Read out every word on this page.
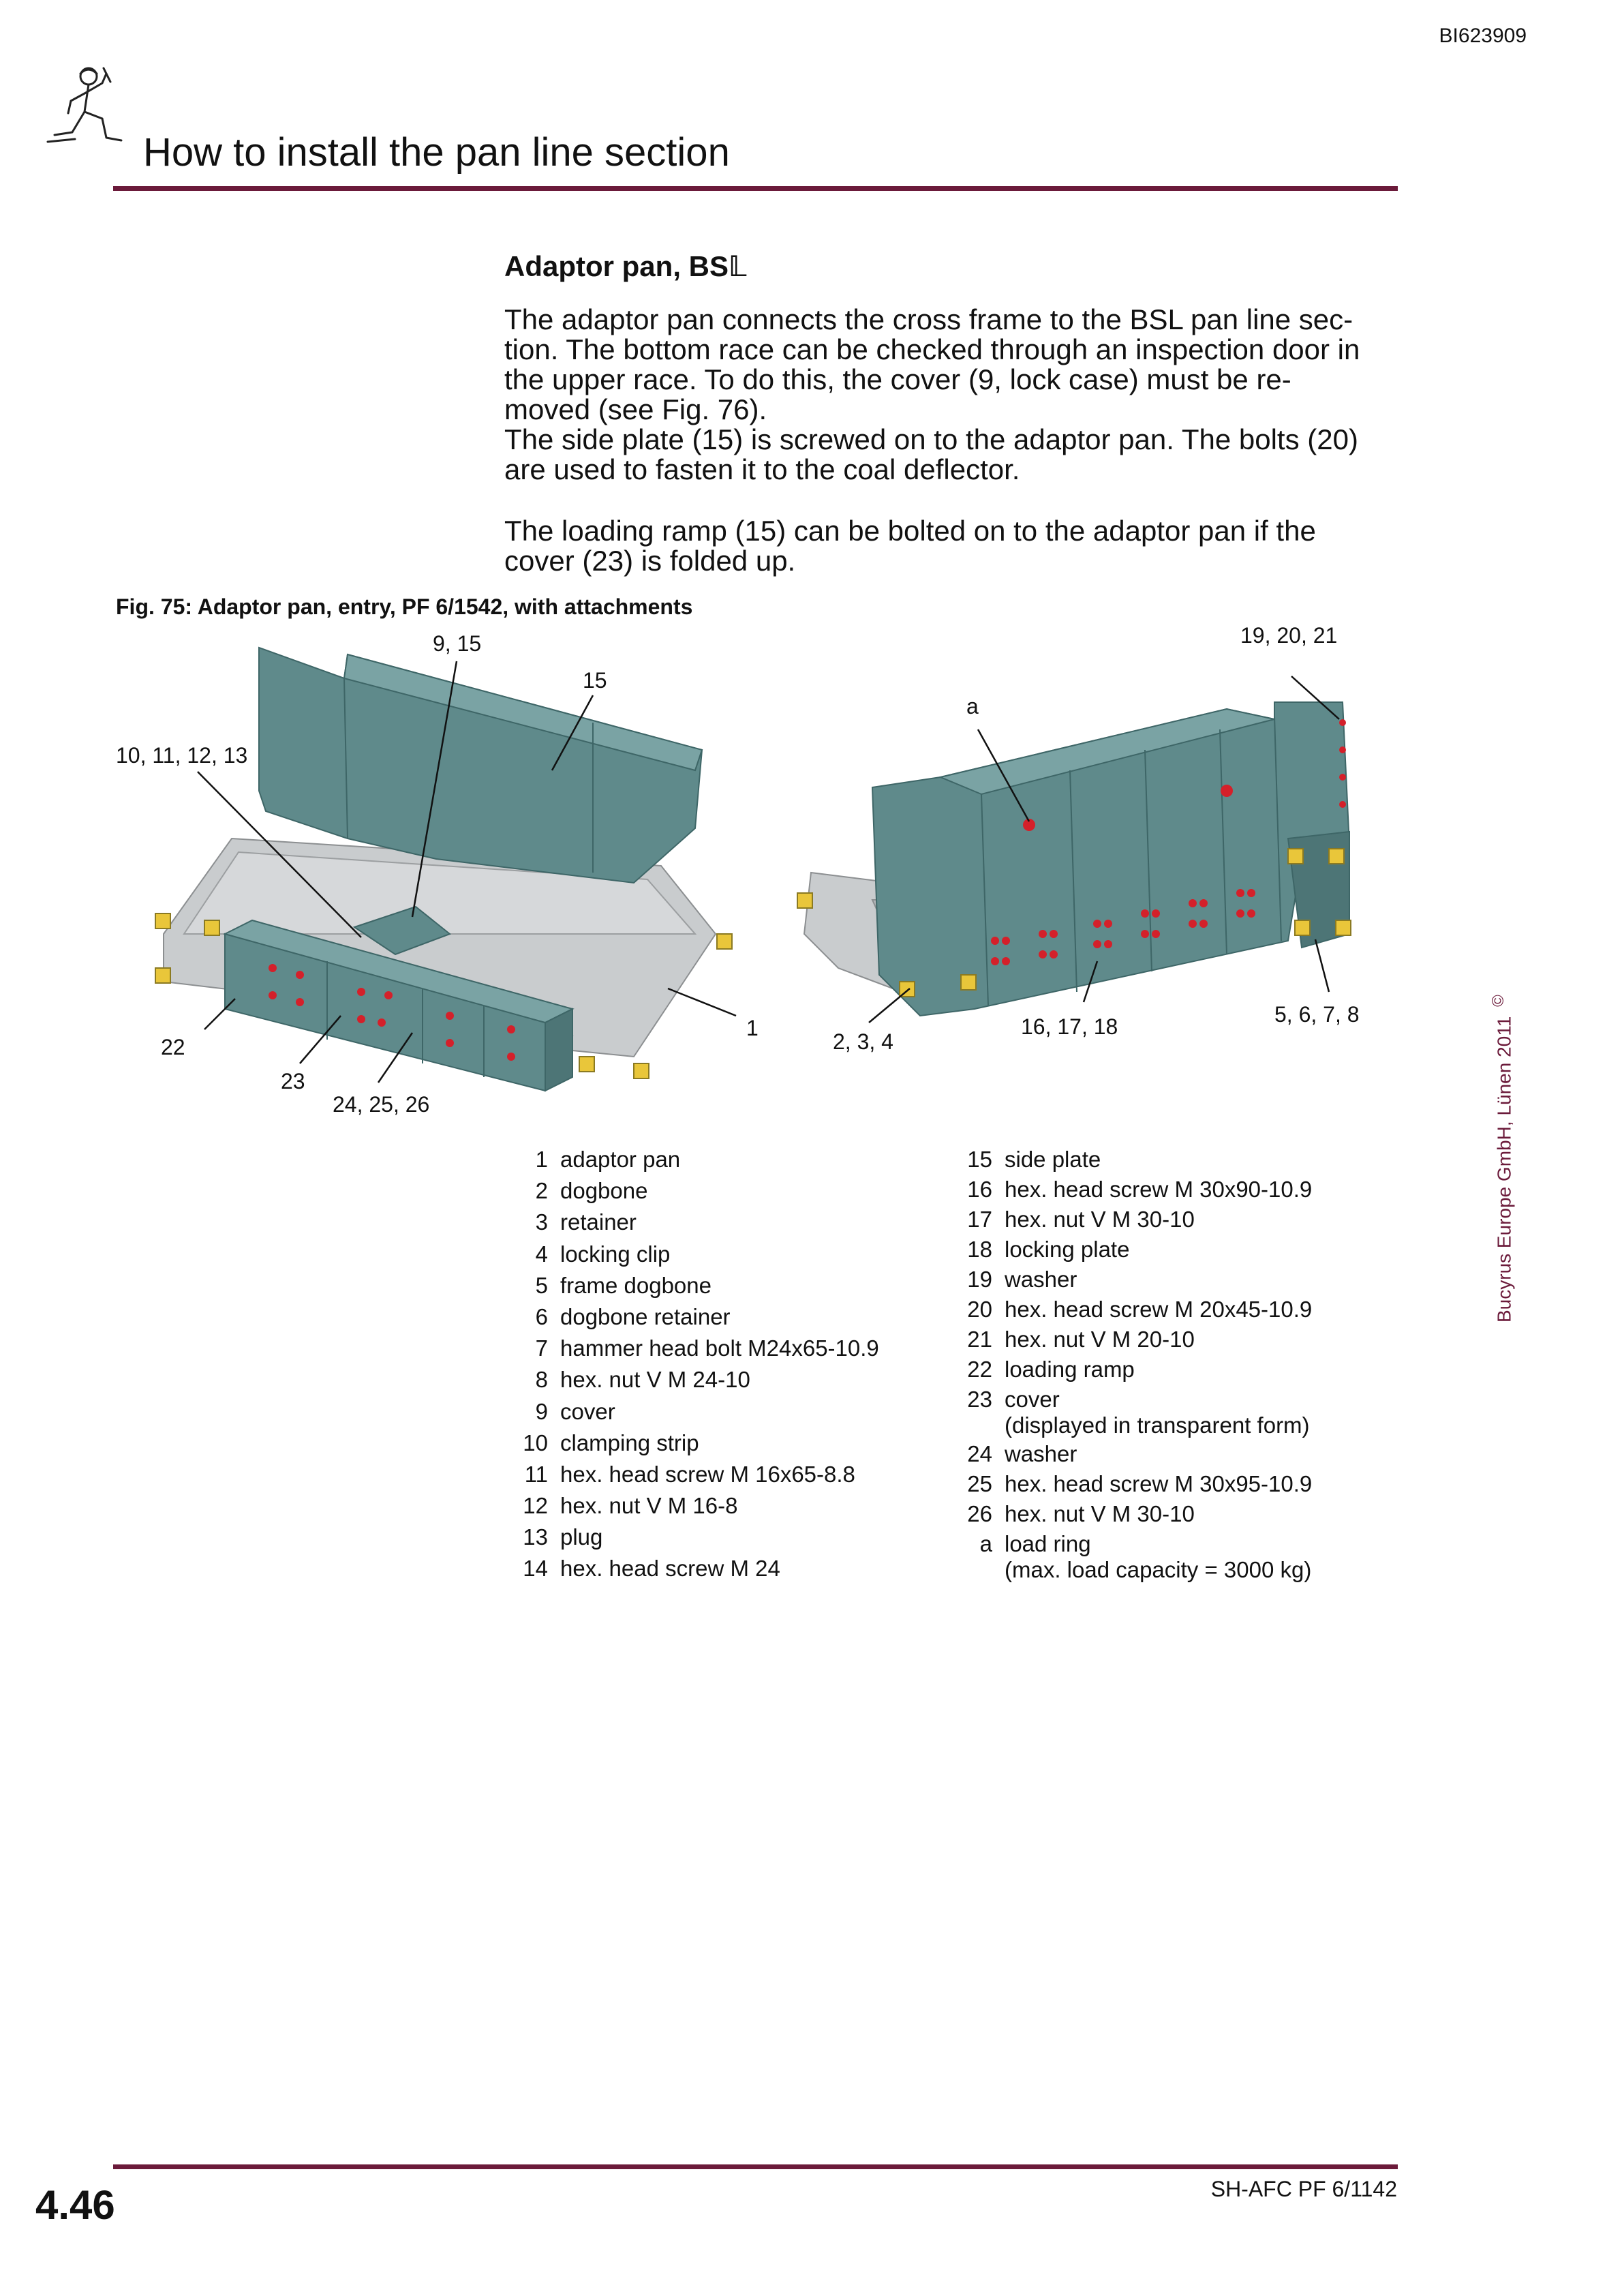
BI623909
How to install the pan line section
Adaptor pan, BS𝕃
The adaptor pan connects the cross frame to the BSL pan line sec-
tion. The bottom race can be checked through an inspection door in
the upper race. To do this, the cover (9, lock case) must be re-
moved (see Fig. 76).
The side plate (15) is screwed on to the adaptor pan. The bolts (20)
are used to fasten it to the coal deflector.
The loading ramp (15) can be bolted on to the adaptor pan if the
cover (23) is folded up.
Fig. 75: Adaptor pan, entry, PF 6/1542, with attachments
9, 15
15
10, 11, 12, 13
1
22
23
24, 25, 26
a
19, 20, 21
2, 3, 4
16, 17, 18	5, 6, 7, 8
1 adaptor pan
2 dogbone
3 retainer
4 locking clip
5 frame dogbone
6 dogbone retainer
7 hammer head bolt M24x65-10.9
8 hex. nut V M 24-10
9 cover
10 clamping strip
11 hex. head screw M 16x65-8.8
12 hex. nut V M 16-8
13 plug
14 hex. head screw M 24
15 side plate
16 hex. head screw M 30x90-10.9
17 hex. nut V M 30-10
18 locking plate
19 washer
20 hex. head screw M 20x45-10.9
21 hex. nut V M 20-10
22 loading ramp
23 cover
(displayed in transparent form)
24 washer
25 hex. head screw M 30x95-10.9
26 hex. nut V M 30-10
a load ring
(max. load capacity = 3000 kg)
Bucyrus Europe GmbH, Lünen 2011 ©
4.46	SH-AFC PF 6/1142
